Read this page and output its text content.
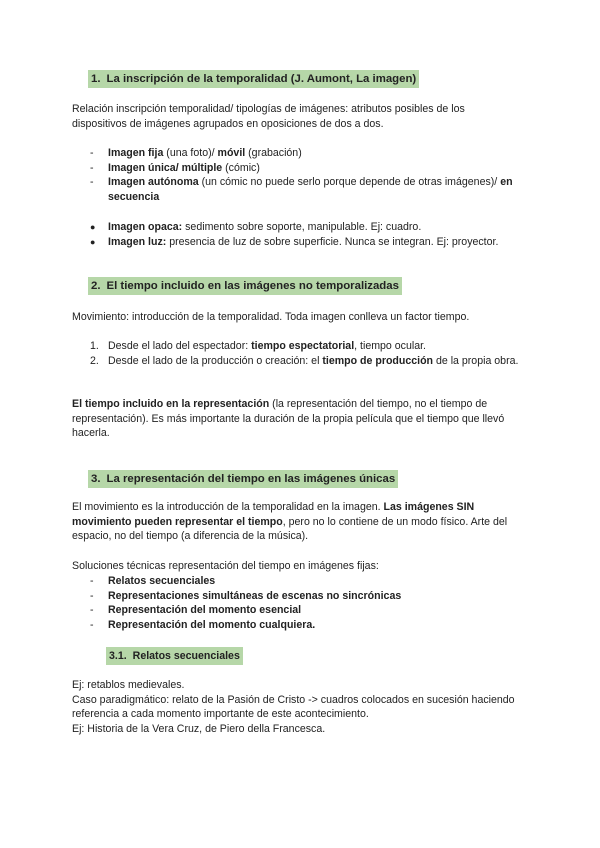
1. La inscripción de la temporalidad (J. Aumont, La imagen)

Relación inscripción temporalidad/ tipologías de imágenes: atributos posibles de los dispositivos de imágenes agrupados en oposiciones de dos a dos.

- Imagen fija (una foto)/ móvil (grabación)
- Imagen única/ múltiple (cómic)
- Imagen autónoma (un cómic no puede serlo porque depende de otras imágenes)/ en secuencia
● Imagen opaca: sedimento sobre soporte, manipulable. Ej: cuadro.
● Imagen luz: presencia de luz de sobre superficie. Nunca se integran. Ej: proyector.
2. El tiempo incluido en las imágenes no temporalizadas

Movimiento: introducción de la temporalidad. Toda imagen conlleva un factor tiempo.

1. Desde el lado del espectador: tiempo espectatorial, tiempo ocular.
2. Desde el lado de la producción o creación: el tiempo de producción de la propia obra.

El tiempo incluido en la representación (la representación del tiempo, no el tiempo de representación). Es más importante la duración de la propia película que el tiempo que llevó hacerla.

3. La representación del tiempo en las imágenes únicas

El movimiento es la introducción de la temporalidad en la imagen. Las imágenes SIN movimiento pueden representar el tiempo, pero no lo contiene de un modo físico. Arte del espacio, no del tiempo (a diferencia de la música).

Soluciones técnicas representación del tiempo en imágenes fijas:

- Relatos secuenciales
- Representaciones simultáneas de escenas no sincrónicas
- Representación del momento esencial
- Representación del momento cualquiera.
3.1. Relatos secuenciales

Ej: retablos medievales.

Caso paradigmático: relato de la Pasión de Cristo -> cuadros colocados en sucesión haciendo referencia a cada momento importante de este acontecimiento.

Ej: Historia de la Vera Cruz, de Piero della Francesca.
